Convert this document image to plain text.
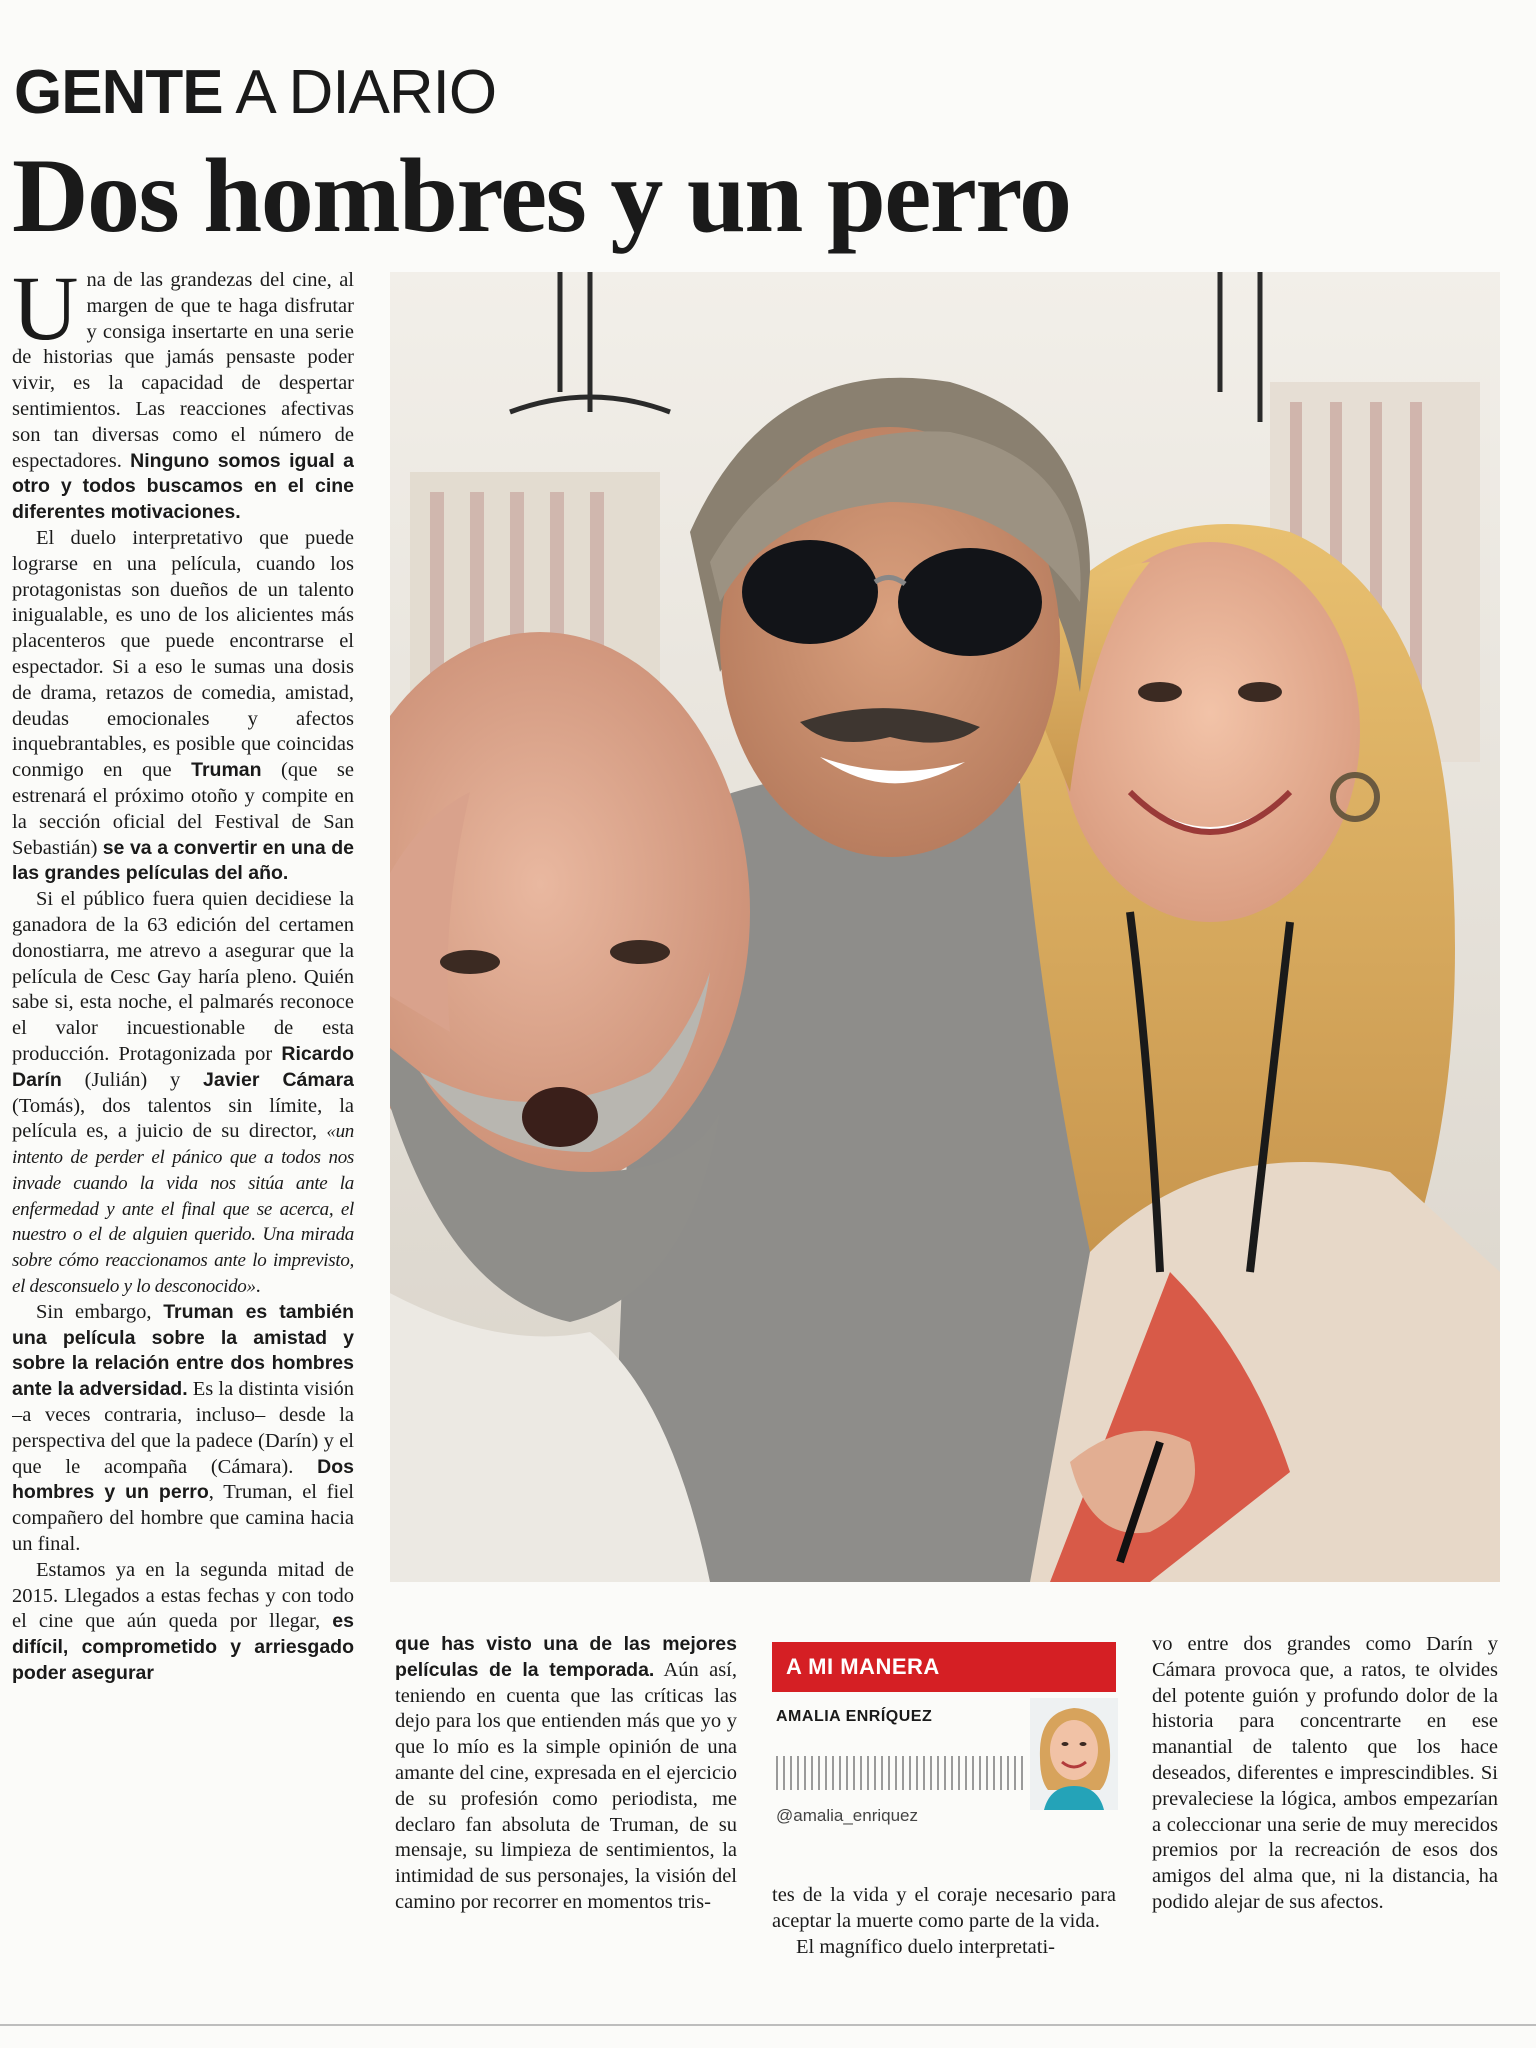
GENTE A DIARIO
Dos hombres y un perro

Una de las grandezas del cine, al margen de que te haga disfrutar y consiga insertarte en una serie de historias que jamás pensaste poder vivir, es la capacidad de despertar sentimientos. Las reacciones afectivas son tan diversas como el número de espectadores. Ninguno somos igual a otro y todos buscamos en el cine diferentes motivaciones.

El duelo interpretativo que puede lograrse en una película, cuando los protagonistas son dueños de un talento inigualable, es uno de los alicientes más placenteros que puede encontrarse el espectador. Si a eso le sumas una dosis de drama, retazos de comedia, amistad, deudas emocionales y afectos inquebrantables, es posible que coincidas conmigo en que Truman (que se estrenará el próximo otoño y compite en la sección oficial del Festival de San Sebastián) se va a convertir en una de las grandes películas del año.

Si el público fuera quien decidiese la ganadora de la 63 edición del certamen donostiarra, me atrevo a asegurar que la película de Cesc Gay haría pleno. Quién sabe si, esta noche, el palmarés reconoce el valor incuestionable de esta producción. Protagonizada por Ricardo Darín (Julián) y Javier Cámara (Tomás), dos talentos sin límite, la película es, a juicio de su director, «un intento de perder el pánico que a todos nos invade cuando la vida nos sitúa ante la enfermedad y ante el final que se acerca, el nuestro o el de alguien querido. Una mirada sobre cómo reaccionamos ante lo imprevisto, el desconsuelo y lo desconocido».

Sin embargo, Truman es también una película sobre la amistad y sobre la relación entre dos hombres ante la adversidad. Es la distinta visión –a veces contraria, incluso– desde la perspectiva del que la padece (Darín) y el que le acompaña (Cámara). Dos hombres y un perro, Truman, el fiel compañero del hombre que camina hacia un final.

Estamos ya en la segunda mitad de 2015. Llegados a estas fechas y con todo el cine que aún queda por llegar, es difícil, comprometido y arriesgado poder asegurar

que has visto una de las mejores películas de la temporada. Aún así, teniendo en cuenta que las críticas las dejo para los que entienden más que yo y que lo mío es la simple opinión de una amante del cine, expresada en el ejercicio de su profesión como periodista, me declaro fan absoluta de Truman, de su mensaje, su limpieza de sentimientos, la intimidad de sus personajes, la visión del camino por recorrer en momentos tris-

A MI MANERA
AMALIA ENRÍQUEZ
@amalia_enriquez

tes de la vida y el coraje necesario para aceptar la muerte como parte de la vida.

El magnífico duelo interpretati-

vo entre dos grandes como Darín y Cámara provoca que, a ratos, te olvides del potente guión y profundo dolor de la historia para concentrarte en ese manantial de talento que los hace deseados, diferentes e imprescindibles. Si prevaleciese la lógica, ambos empezarían a coleccionar una serie de muy merecidos premios por la recreación de esos dos amigos del alma que, ni la distancia, ha podido alejar de sus afectos.
